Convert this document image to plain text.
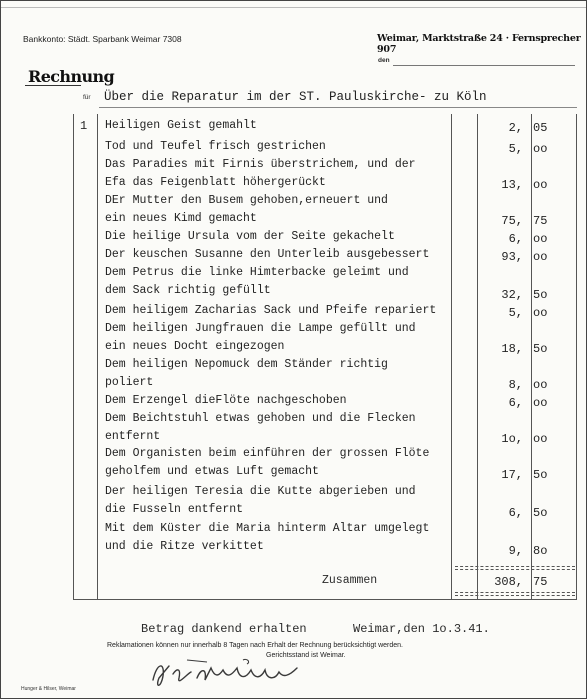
Bankkonto: Städt. Sparbank Weimar 7308	Weimar, Marktstraße 24 · Fernsprecher 907
den
Rechnung
für Über die Reparatur im der ST. Pauluskirche- zu Köln
1 Heiligen Geist gemahlt	2, 05
Tod und Teufel frisch gestrichen	5, oo
Das Paradies mit Firnis überstrichem, und der
Efa das Feigenblatt höhergerückt	13, oo
DEr Mutter den Busem gehoben,erneuert und
ein neues Kimd gemacht	75, 75
Die heilige Ursula vom der Seite gekachelt	6, oo
Der keuschen Susanne den Unterleib ausgebessert	93, oo
Dem Petrus die linke Himterbacke geleimt und
dem Sack richtig gefüllt	32, 5o
Dem heiligem Zacharias Sack und Pfeife repariert	5, oo
Dem heiligen Jungfrauen die Lampe gefüllt und
ein neues Docht eingezogen	18, 5o
Dem heiligen Nepomuck dem Ständer richtig
poliert	8, oo
Dem Erzengel dieFlöte nachgeschoben	6, oo
Dem Beichtstuhl etwas gehoben und die Flecken
entfernt	1o, oo
Dem Organisten beim einführen der grossen Flöte
geholfem und etwas Luft gemacht	17, 5o
Der heiligen Teresia die Kutte abgerieben und
die Fusseln entfernt	6, 5o
Mit dem Küster die Maria hinterm Altar umgelegt
und die Ritze verkittet	9, 8o
Zusammen	308, 75
Betrag dankend erhalten	Weimar,den 1o.3.41.
Reklamationen können nur innerhalb 8 Tagen nach Erhalt der Rechnung berücksichtigt werden.
Gerichtsstand ist Weimar.
Hunger & Hilser, Weimar
